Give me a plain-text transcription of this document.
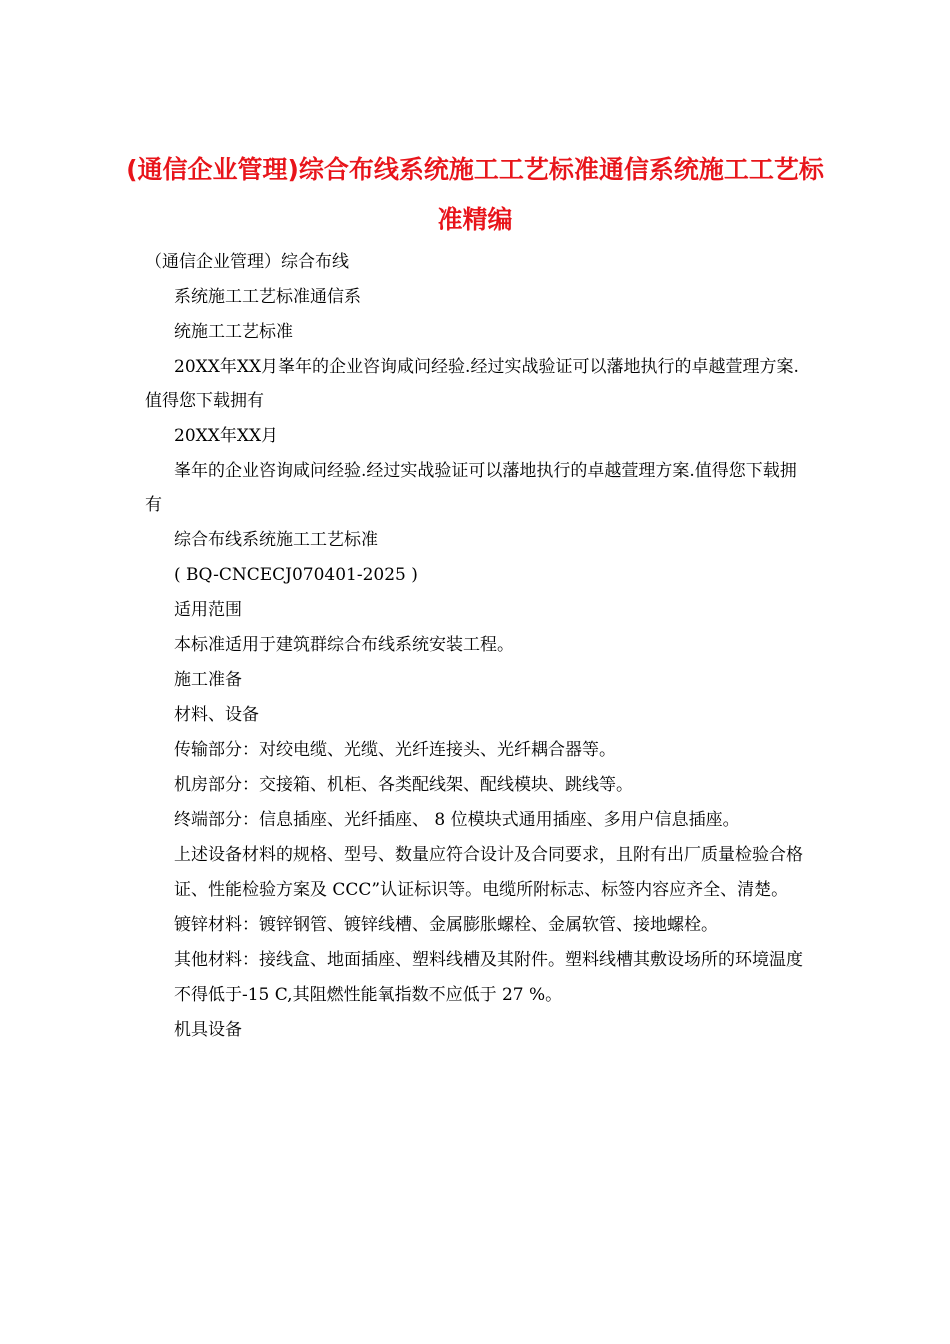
(通信企业管理)综合布线系统施工工艺标准通信系统施工工艺标准精编

（通信企业管理）综合布线

系统施工工艺标准通信系

统施工工艺标准

20XX年XX月峯年的企业咨询咸问经验.经过实战验证可以藩地执行的卓越萱理方案.值得您下载拥有

20XX年XX月

峯年的企业咨询咸问经验.经过实战验证可以藩地执行的卓越萱理方案.值得您下载拥有

综合布线系统施工工艺标准

( BQ-CNCECJ070401-2025 )

适用范围

本标准适用于建筑群综合布线系统安装工程。

施工准备

材料、设备

传输部分：对绞电缆、光缆、光纤连接头、光纤耦合器等。

机房部分：交接箱、机柜、各类配线架、配线模块、跳线等。

终端部分：信息插座、光纤插座、 8 位模块式通用插座、多用户信息插座。

上述设备材料的规格、型号、数量应符合设计及合同要求，且附有出厂质量检验合格

证、性能检验方案及 CCC”认证标识等。电缆所附标志、标签内容应齐全、清楚。

镀锌材料：镀锌钢管、镀锌线槽、金属膨胀螺栓、金属软管、接地螺栓。

其他材料：接线盒、地面插座、塑料线槽及其附件。塑料线槽其敷设场所的环境温度

不得低于-15 C,其阻燃性能氧指数不应低于 27 %。

机具设备
